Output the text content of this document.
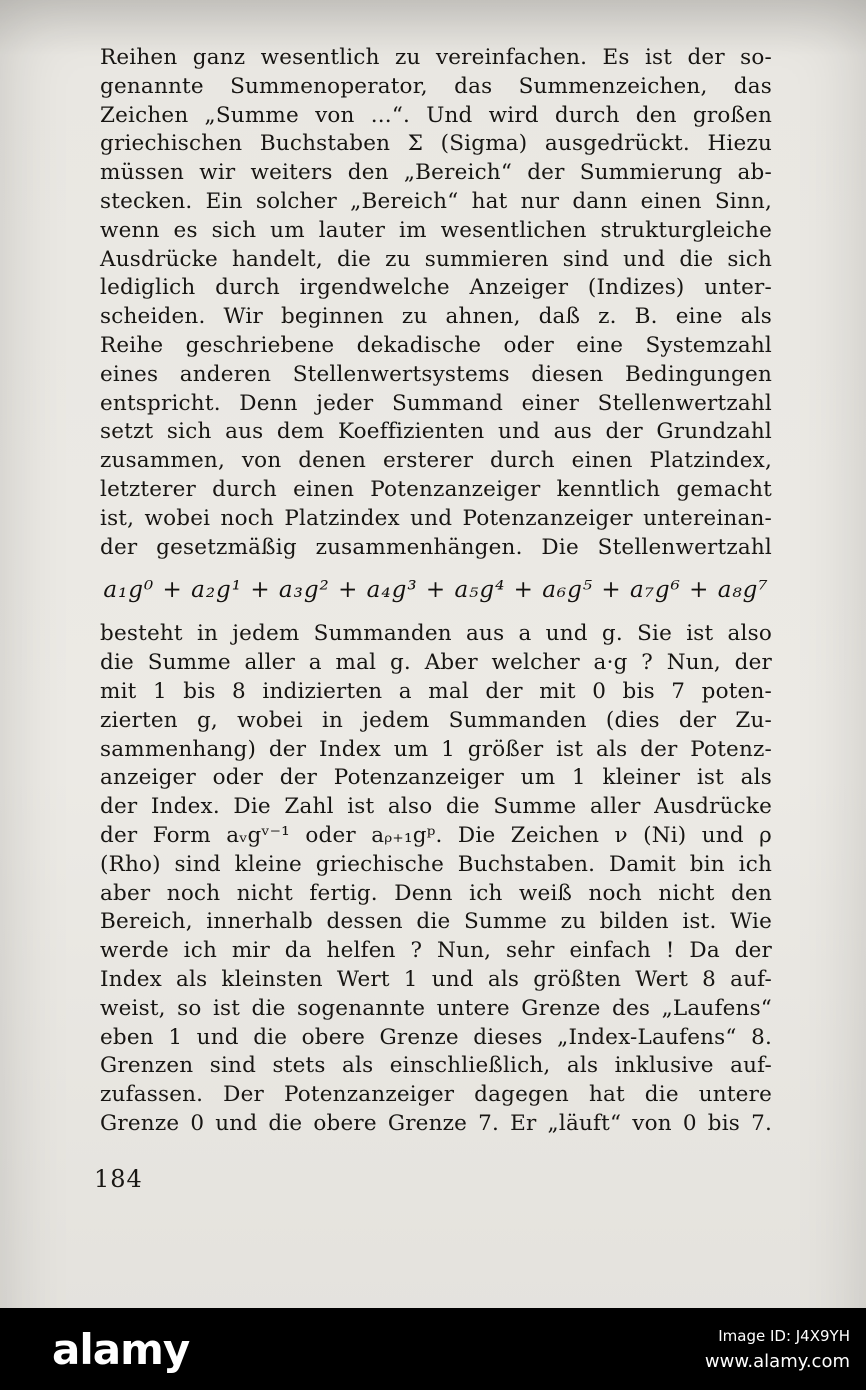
Reihen ganz wesentlich zu vereinfachen. Es ist der so-
genannte Summenoperator, das Summenzeichen, das
Zeichen „Summe von ...“. Und wird durch den großen
griechischen Buchstaben Σ (Sigma) ausgedrückt. Hiezu
müssen wir weiters den „Bereich“ der Summierung ab-
stecken. Ein solcher „Bereich“ hat nur dann einen Sinn,
wenn es sich um lauter im wesentlichen strukturgleiche
Ausdrücke handelt, die zu summieren sind und die sich
lediglich durch irgendwelche Anzeiger (Indizes) unter-
scheiden. Wir beginnen zu ahnen, daß z. B. eine als
Reihe geschriebene dekadische oder eine Systemzahl
eines anderen Stellenwertsystems diesen Bedingungen
entspricht. Denn jeder Summand einer Stellenwertzahl
setzt sich aus dem Koeffizienten und aus der Grundzahl
zusammen, von denen ersterer durch einen Platzindex,
letzterer durch einen Potenzanzeiger kenntlich gemacht
ist, wobei noch Platzindex und Potenzanzeiger untereinan-
der gesetzmäßig zusammenhängen. Die Stellenwertzahl
a₁g⁰ + a₂g¹ + a₃g² + a₄g³ + a₅g⁴ + a₆g⁵ + a₇g⁶ + a₈g⁷
besteht in jedem Summanden aus a und g. Sie ist also
die Summe aller a mal g. Aber welcher a·g ? Nun, der
mit 1 bis 8 indizierten a mal der mit 0 bis 7 poten-
zierten g, wobei in jedem Summanden (dies der Zu-
sammenhang) der Index um 1 größer ist als der Potenz-
anzeiger oder der Potenzanzeiger um 1 kleiner ist als
der Index. Die Zahl ist also die Summe aller Ausdrücke
der Form aᵥgᵛ⁻¹ oder aᵨ₊₁gᵖ. Die Zeichen ν (Ni) und ρ
(Rho) sind kleine griechische Buchstaben. Damit bin ich
aber noch nicht fertig. Denn ich weiß noch nicht den
Bereich, innerhalb dessen die Summe zu bilden ist. Wie
werde ich mir da helfen ? Nun, sehr einfach ! Da der
Index als kleinsten Wert 1 und als größten Wert 8 auf-
weist, so ist die sogenannte untere Grenze des „Laufens“
eben 1 und die obere Grenze dieses „Index-Laufens“ 8.
Grenzen sind stets als einschließlich, als inklusive auf-
zufassen. Der Potenzanzeiger dagegen hat die untere
Grenze 0 und die obere Grenze 7. Er „läuft“ von 0 bis 7.
184
alamy	Image ID: J4X9YH
www.alamy.com
